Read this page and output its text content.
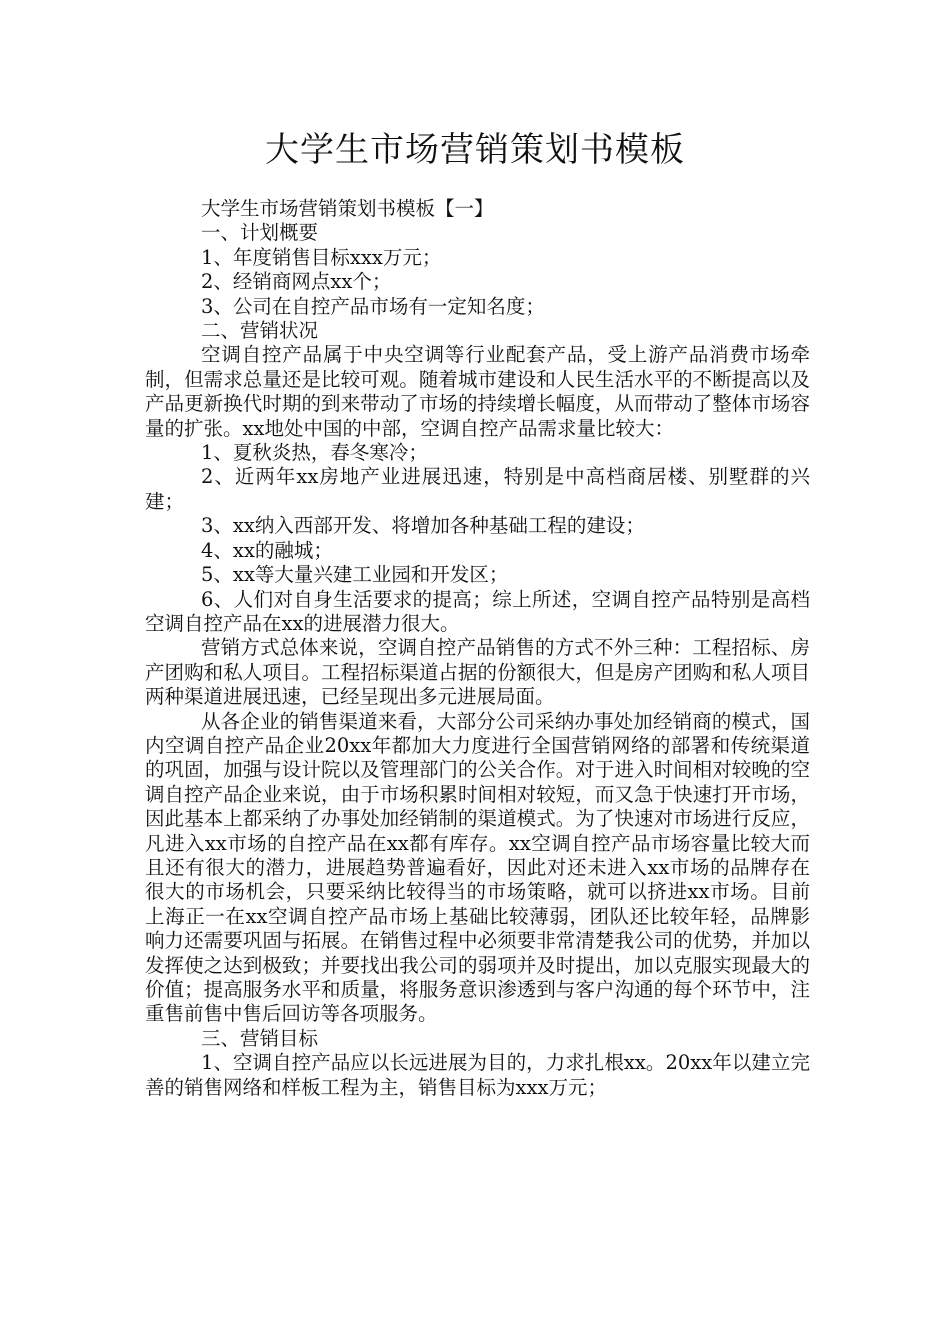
大学生市场营销策划书模板

大学生市场营销策划书模板【一】

一、计划概要

1、年度销售目标xxx万元；

2、经销商网点xx个；

3、公司在自控产品市场有一定知名度；

二、营销状况

空调自控产品属于中央空调等行业配套产品，受上游产品消费市场牵制，但需求总量还是比较可观。随着城市建设和人民生活水平的不断提高以及产品更新换代时期的到来带动了市场的持续增长幅度，从而带动了整体市场容量的扩张。xx地处中国的中部，空调自控产品需求量比较大：

1、夏秋炎热，春冬寒冷；

2、近两年xx房地产业进展迅速，特别是中高档商居楼、别墅群的兴建；

3、xx纳入西部开发、将增加各种基础工程的建设；

4、xx的融城；

5、xx等大量兴建工业园和开发区；

6、人们对自身生活要求的提高；综上所述，空调自控产品特别是高档空调自控产品在xx的进展潜力很大。

营销方式总体来说，空调自控产品销售的方式不外三种：工程招标、房产团购和私人项目。工程招标渠道占据的份额很大，但是房产团购和私人项目两种渠道进展迅速，已经呈现出多元进展局面。

从各企业的销售渠道来看，大部分公司采纳办事处加经销商的模式，国内空调自控产品企业20xx年都加大力度进行全国营销网络的部署和传统渠道的巩固，加强与设计院以及管理部门的公关合作。对于进入时间相对较晚的空调自控产品企业来说，由于市场积累时间相对较短，而又急于快速打开市场，因此基本上都采纳了办事处加经销制的渠道模式。为了快速对市场进行反应，凡进入xx市场的自控产品在xx都有库存。xx空调自控产品市场容量比较大而且还有很大的潜力，进展趋势普遍看好，因此对还未进入xx市场的品牌存在很大的市场机会，只要采纳比较得当的市场策略，就可以挤进xx市场。目前上海正一在xx空调自控产品市场上基础比较薄弱，团队还比较年轻，品牌影响力还需要巩固与拓展。在销售过程中必须要非常清楚我公司的优势，并加以发挥使之达到极致；并要找出我公司的弱项并及时提出，加以克服实现最大的价值；提高服务水平和质量，将服务意识渗透到与客户沟通的每个环节中，注重售前售中售后回访等各项服务。

三、营销目标

1、空调自控产品应以长远进展为目的，力求扎根xx。20xx年以建立完善的销售网络和样板工程为主，销售目标为xxx万元；
